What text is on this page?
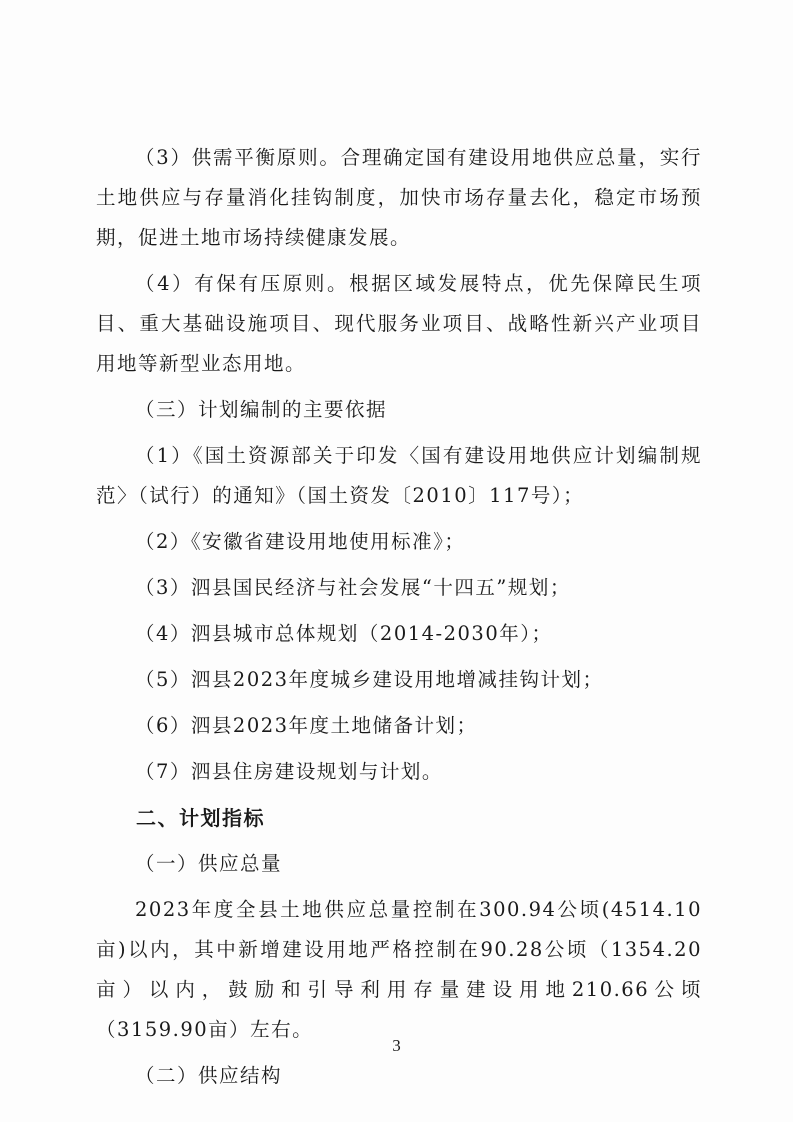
（3）供需平衡原则。合理确定国有建设用地供应总量，实行土地供应与存量消化挂钩制度，加快市场存量去化，稳定市场预期，促进土地市场持续健康发展。

（4）有保有压原则。根据区域发展特点，优先保障民生项目、重大基础设施项目、现代服务业项目、战略性新兴产业项目用地等新型业态用地。

（三）计划编制的主要依据

（1）《国土资源部关于印发〈国有建设用地供应计划编制规范〉（试行）的通知》（国土资发〔2010〕117号）；

（2）《安徽省建设用地使用标准》；

（3）泗县国民经济与社会发展“十四五”规划；

（4）泗县城市总体规划（2014-2030年）；

（5）泗县2023年度城乡建设用地增减挂钩计划；

（6）泗县2023年度土地储备计划；

（7）泗县住房建设规划与计划。

二、计划指标

（一）供应总量

2023年度全县土地供应总量控制在300.94公顷(4514.10亩)以内，其中新增建设用地严格控制在90.28公顷（1354.20亩）以内，鼓励和引导利用存量建设用地210.66公顷（3159.90亩）左右。

（二）供应结构

3
